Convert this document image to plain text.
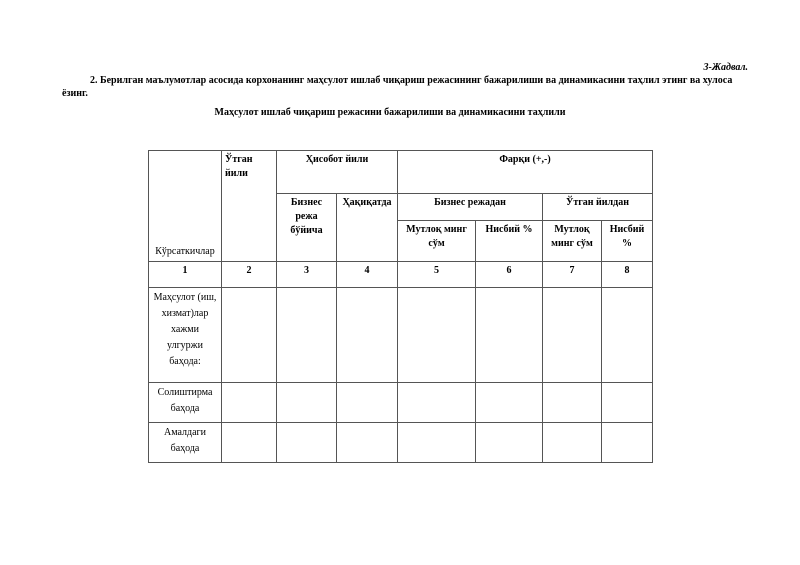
3-Жадвал.
2. Берилган маълумотлар асосида корхонанинг маҳсулот ишлаб чиқариш режасининг бажарилиши ва динамикасини таҳлил этинг ва хулоса ёзинг.
Маҳсулот ишлаб чиқариш режасини бажарилиши ва динамикасини таҳлили
Кўрсаткичлар	Ўтган йили	Ҳисобот йили		Фарқи (+,-)			
		Бизнес режа бўйича	Ҳақиқатда	Бизнес режадан		Ўтган йилдан	
				Мутлоқ минг сўм	Нисбий %	Мутлоқ минг сўм	Нисбий %
1	2	3	4	5	6	7	8
Маҳсулот (иш, хизмат)лар хажми улгуржи баҳода:							
Солиштирма баҳода							
Амалдаги баҳода							
